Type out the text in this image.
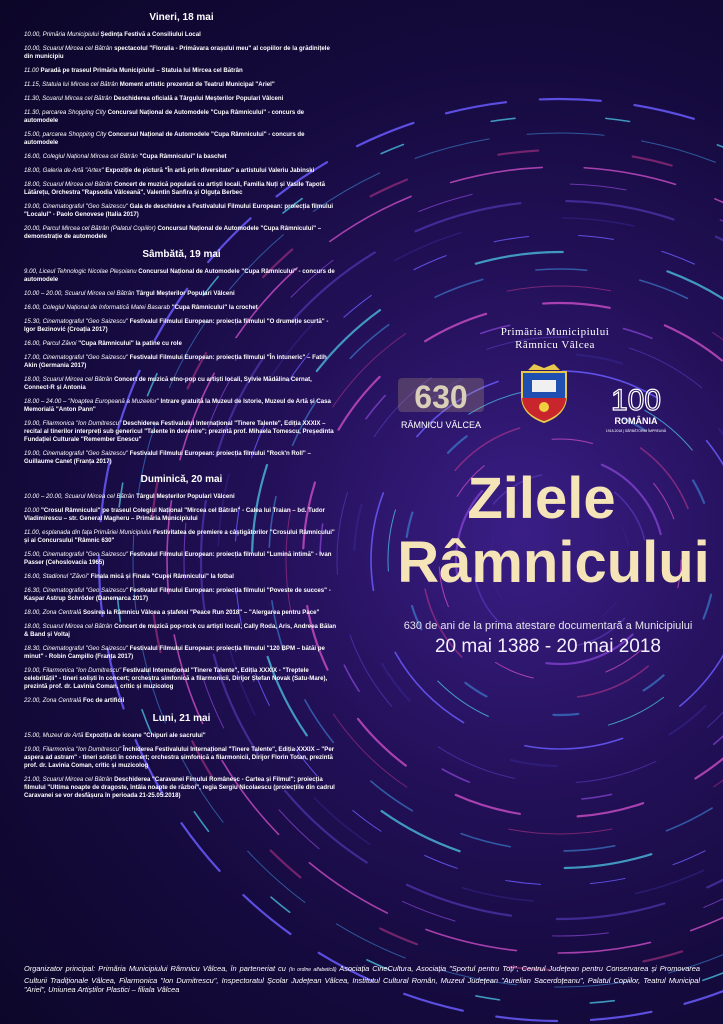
Vineri, 18 mai
10.00, Primăria Municipiului Ședința Festivă a Consiliului Local
10.00, Scuarul Mircea cel Bătrân spectacolul "Floralia - Primăvara orașului meu" al copiilor de la grădinițele din municipiu
11.00 Paradă pe traseul Primăria Municipiului – Statuia lui Mircea cel Bătrân
11.15, Statuia lui Mircea cel Bătrân Moment artistic prezentat de Teatrul Municipal "Ariel"
11.30, Scuarul Mircea cel Bătrân Deschiderea oficială a Târgului Meșterilor Populari Vâlceni
11.30, parcarea Shopping City Concursul Național de Automodele "Cupa Râmnicului" - concurs de automodele
15.00, parcarea Shopping City Concursul Național de Automodele "Cupa Râmnicului" - concurs de automodele
16.00, Colegiul Național Mircea cel Bătrân "Cupa Râmnicului" la baschet
18.00, Galeria de Artă "Artex" Expoziție de pictură "În artă prin diversitate" a artistului Valeriu Jabinski
18.00, Scuarul Mircea cel Bătrân Concert de muzică populară cu artiști locali, Familia Nuți și Vasile Tapotă Lătărețu, Orchestra "Rapsodia Vâlceană", Valentin Sanfira și Olguța Berbec
19.00, Cinematograful "Geo Saizescu" Gala de deschidere a Festivalului Filmului European: proiecția filmului "Localul" - Paolo Genovese (Italia 2017)
20.00, Parcul Mircea cel Bătrân (Palatul Copiilor) Concursul Național de Automodele "Cupa Râmnicului" – demonstrație de automodele
Sâmbătă, 19 mai
9.00, Liceul Tehnologic Nicolae Pleșoianu Concursul Național de Automodele "Cupa Râmnicului" - concurs de automodele
10.00 – 20.00, Scuarul Mircea cel Bătrân Târgul Meșterilor Populari Vâlceni
16.00, Colegiul Național de Informatică Matei Basarab "Cupa Râmnicului" la crochet
15.30, Cinematograful "Geo Saizescu" Festivalul Filmului European: proiecția filmului "O drumeție scurtă" - Igor Bezinović (Croația 2017)
16.00, Parcul Zăvoi "Cupa Râmnicului" la patine cu role
17.00, Cinematograful "Geo Saizescu" Festivalul Filmului European: proiecția filmului "În intuneric" – Fatih Akin (Germania 2017)
18.00, Scuarul Mircea cel Bătrân Concert de muzică etno-pop cu artiști locali, Sylvie Mădălina Cernat, Connect-R și Antonia
18.00 – 24.00 – "Noaptea Europeană a Muzeelor" Intrare gratuită la Muzeul de Istorie, Muzeul de Artă și Casa Memorială "Anton Pann"
19.00, Filarmonica "Ion Dumitrescu" Deschiderea Festivalului Internațional "Tinere Talente", Ediția XXXIX – recital al tinerilor interpreți sub genericul "Talente în devenire"; prezintă prof. Mihaela Tomescu, Președinta Fundației Culturale "Remember Enescu"
19.00, Cinematograful "Geo Saizescu" Festivalul Filmului European: proiecția filmului "Rock'n Roll" – Guillaume Canet (Franța 2017)
Duminică, 20 mai
10.00 – 20.00, Scuarul Mircea cel Bătrân Târgul Meșterilor Populari Vâlceni
10.00 "Crosul Râmnicului" pe traseul Colegiul Național "Mircea cel Bătrân" - Calea lui Traian – bd. Tudor Vladimirescu – str. General Magheru – Primăria Municipiului
11.00, esplanada din fața Primăriei Municipiului Festivitatea de premiere a câștigătorilor "Crosului Râmnicului" și ai Concursului "Râmnic 630"
15.00, Cinematograful "Geo Saizescu" Festivalul Filmului European: proiecția filmului "Lumină intimă" - Ivan Passer (Cehoslovacia 1965)
16.00, Stadionul "Zăvoi" Finala mică și Finala "Cupei Râmnicului" la fotbal
16.30, Cinematograful "Geo Saizescu" Festivalul Filmului European: proiecția filmului "Poveste de succes" - Kaspar Astrup Schröder (Danemarca 2017)
18.00, Zona Centrală Sosirea la Râmnicu Vâlcea a ștafetei "Peace Run 2018" – "Alergarea pentru Pace"
18.00, Scuarul Mircea cel Bătrân Concert de muzică pop-rock cu artiști locali, Cally Roda, Aris, Andreea Bălan & Band și Voltaj
18.30, Cinematograful "Geo Saizescu" Festivalul Filmului European: proiecția filmului "120 BPM – bătăi pe minut" - Robin Campillo (Franța 2017)
19.00, Filarmonica "Ion Dumitrescu" Festivalul Internațional "Tinere Talente", Ediția XXXIX - "Treptele celebrității" - tineri soliști în concert; orchestra simfonică a filarmonicii, Dirijor Ștefan Novak (Satu-Mare), prezintă prof. dr. Lavinia Coman, critic și muzicolog
22.00, Zona Centrală Foc de artificii
Luni, 21 mai
15.00, Muzeul de Artă Expoziția de icoane "Chipuri ale sacrului"
19.00, Filarmonica "Ion Dumitrescu" Închiderea Festivalului Internațional "Tinere Talente", Ediția XXXIX – "Per aspera ad astram" - tineri soliști în concert; orchestra simfonică a filarmonicii, Dirijor Florin Totan, prezintă prof. dr. Lavinia Coman, critic și muzicolog
21.00, Scuarul Mircea cel Bătrân Deschiderea "Caravanei Fimului Românesc - Cartea și Filmul"; proiecția filmului "Ultima noapte de dragoste, întâia noapte de război", regia Sergiu Nicolaescu (proiecțiile din cadrul Caravanei se vor desfășura în perioada 21-25.05.2018)
Primăria Municipiului
Râmnicu Vâlcea
630
RÂMNICU VÂLCEA
100
ROMÂNIA
1918-2018 | SĂRBĂTORIM ÎMPREUNĂ
Zilele
Râmnicului
630 de ani de la prima atestare documentară a Municipiului
20 mai 1388 - 20 mai 2018
Organizator principal: Primăria Municipiului Râmnicu Vâlcea, în parteneriat cu (în ordine alfabetică) Asociația CineCultura, Asociația "Sportul pentru Toți", Centrul Județean pentru Conservarea și Promovarea Culturii Tradiționale Vâlcea, Filarmonica "Ion Dumitrescu", Inspectoratul Școlar Județean Vâlcea, Institutul Cultural Român, Muzeul Județean "Aurelian Sacerdoțeanu", Palatul Copiilor, Teatrul Municipal "Ariel", Uniunea Artiștilor Plastici – filiala Vâlcea
